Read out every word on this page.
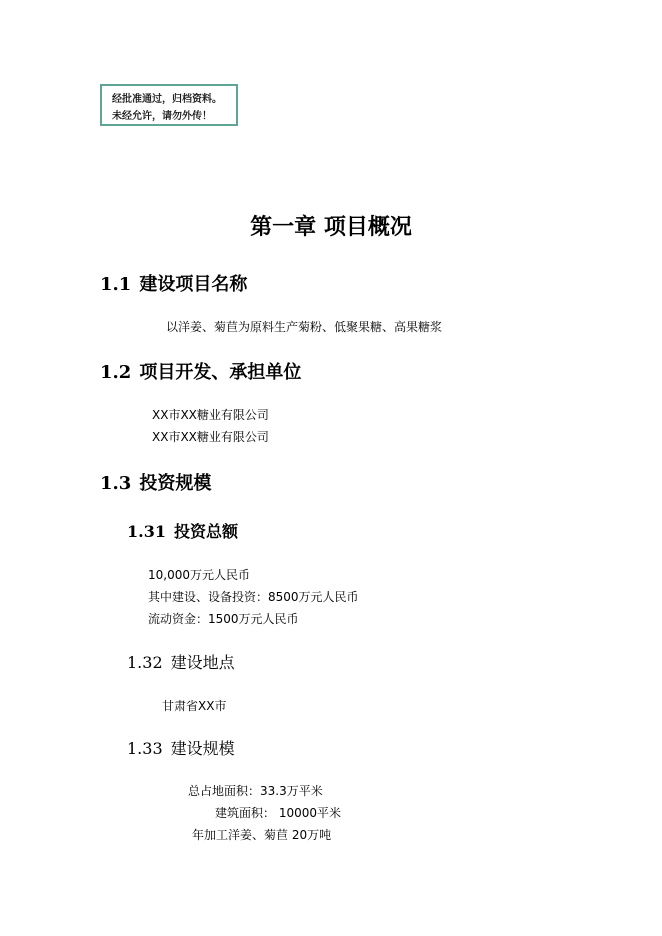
经批准通过，归档资料。
未经允许，请勿外传！
第一章 项目概况
1.1 建设项目名称
以洋姜、菊苣为原料生产菊粉、低聚果糖、高果糖浆
1.2 项目开发、承担单位
XX市XX糖业有限公司
XX市XX糖业有限公司
1.3 投资规模
1.31 投资总额
10,000万元人民币
其中建设、设备投资：8500万元人民币
流动资金：1500万元人民币
1.32 建设地点
甘肃省XX市
1.33 建设规模
总占地面积：33.3万平米
建筑面积： 10000平米
年加工洋姜、菊苣 20万吨
